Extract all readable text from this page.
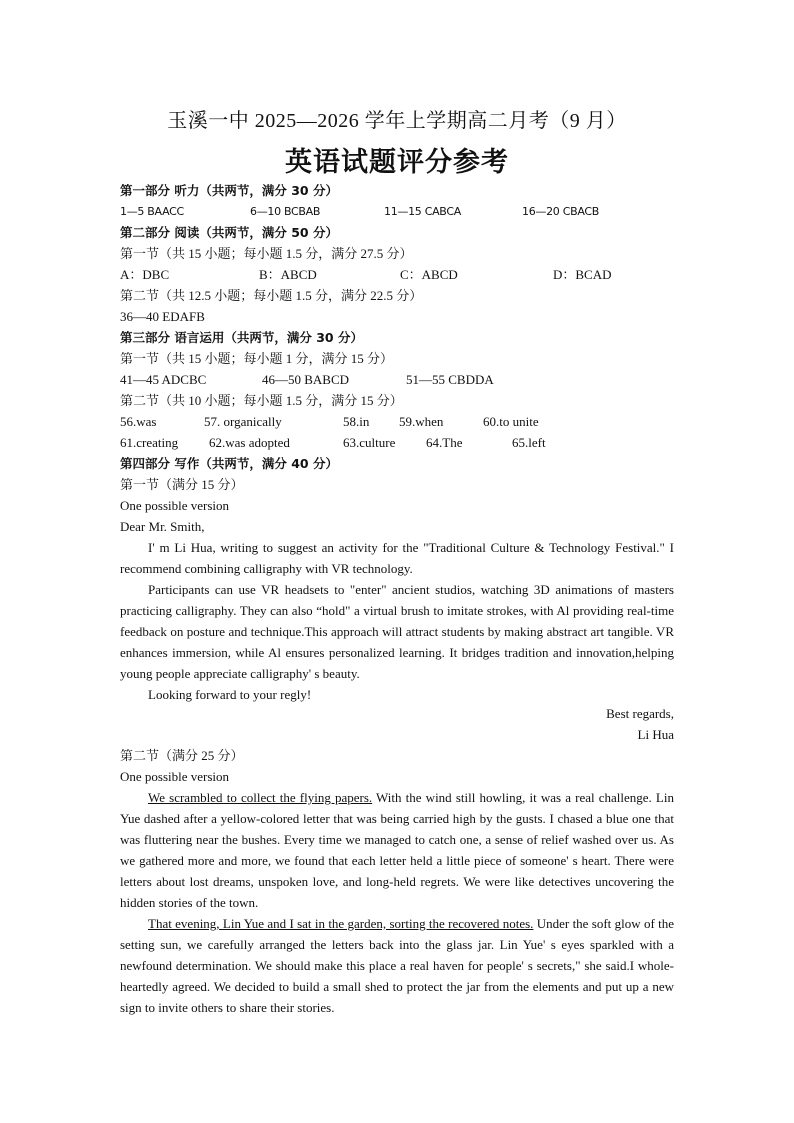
玉溪一中 2025—2026 学年上学期高二月考（9 月）
英语试题评分参考
第一部分 听力（共两节，满分 30 分）
1—5 BAACC	6—10 BCBAB	11—15 CABCA	16—20 CBACB
第二部分 阅读（共两节，满分 50 分）
第一节（共 15 小题；每小题 1.5 分，满分 27.5 分）
A：DBC	B：ABCD	C：ABCD	D：BCAD
第二节（共 12.5 小题；每小题 1.5 分，满分 22.5 分）
36—40 EDAFB
第三部分 语言运用（共两节，满分 30 分）
第一节（共 15 小题；每小题 1 分，满分 15 分）
41—45 ADCBC	46—50 BABCD	51—55 CBDDA
第二节（共 10 小题；每小题 1.5 分，满分 15 分）
56.was	57. organically	58.in 59.when	60.to unite
61.creating 62.was adopted	63.culture 64.The	65.left
第四部分 写作（共两节，满分 40 分）
第一节（满分 15 分）
One possible version
Dear Mr. Smith,

I' m Li Hua, writing to suggest an activity for the "Traditional Culture & Technology Festival." I recommend combining calligraphy with VR technology.

Participants can use VR headsets to "enter" ancient studios, watching 3D animations of masters practicing calligraphy. They can also “hold" a virtual brush to imitate strokes, with Al providing real-time feedback on posture and technique.This approach will attract students by making abstract art tangible. VR enhances immersion, while Al ensures personalized learning. It bridges tradition and innovation,helping young people appreciate calligraphy' s beauty.

Looking forward to your regly!

Best regards,
Li Hua
第二节（满分 25 分）
One possible version

We scrambled to collect the flying papers. With the wind still howling, it was a real challenge. Lin Yue dashed after a yellow-colored letter that was being carried high by the gusts. I chased a blue one that was fluttering near the bushes. Every time we managed to catch one, a sense of relief washed over us. As we gathered more and more, we found that each letter held a little piece of someone' s heart. There were letters about lost dreams, unspoken love, and long-held regrets. We were like detectives uncovering the hidden stories of the town.

That evening, Lin Yue and I sat in the garden, sorting the recovered notes. Under the soft glow of the setting sun, we carefully arranged the letters back into the glass jar. Lin Yue' s eyes sparkled with a newfound determination. We should make this place a real haven for people' s secrets," she said.I whole-heartedly agreed. We decided to build a small shed to protect the jar from the elements and put up a new sign to invite others to share their stories.
